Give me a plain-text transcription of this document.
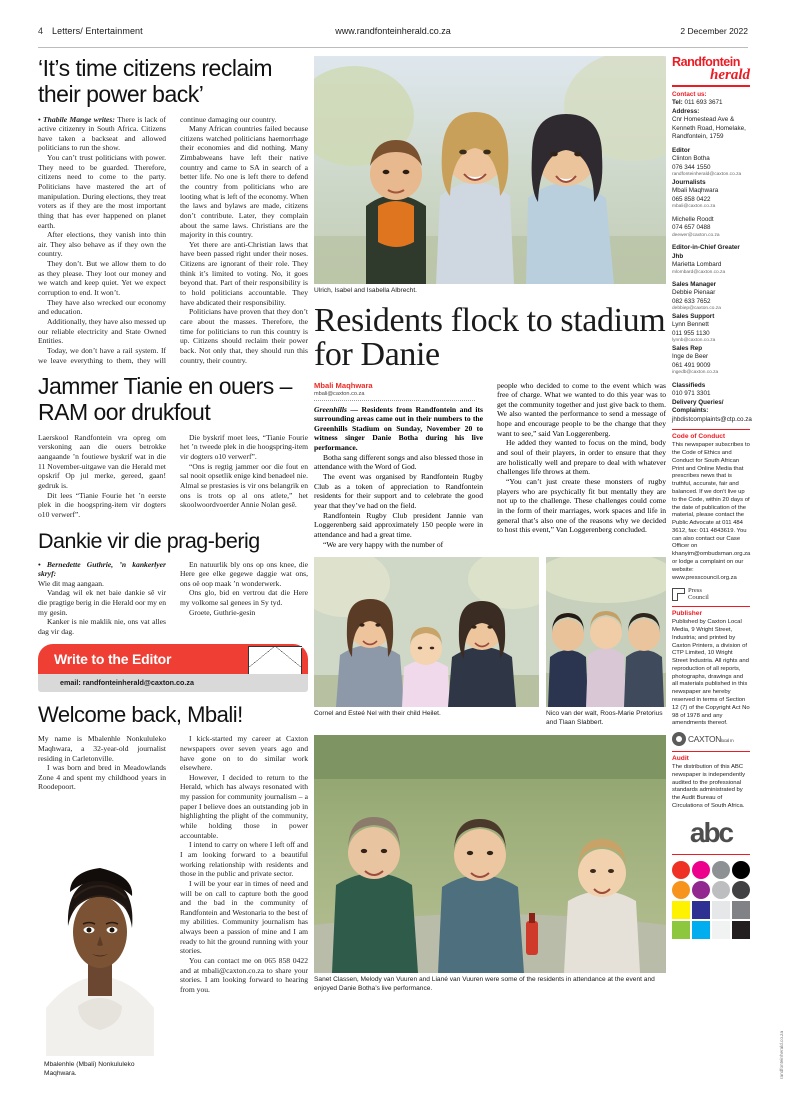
4 Letters/ Entertainment	www.randfonteinherald.co.za	2 December 2022
‘It’s time citizens reclaim their power back’

• Thabile Mange writes: There is lack of active citizenry in South Africa. Citizens have taken a backseat and allowed politicians to run the show.

You can’t trust politicians with power. They need to be guarded. Therefore, citizens need to come to the party. Politicians have mastered the art of manipulation. During elections, they treat voters as if they are the most important thing that has ever happened on planet earth.

After elections, they vanish into thin air. They also behave as if they own the country.

They don’t. But we allow them to do as they please. They loot our money and we watch and keep quiet. Yet we expect corruption to end. It won’t.

They have also wrecked our economy and education.

Additionally, they have also messed up our reliable electricity and State Owned Entities.

Today, we don’t have a rail system. If we leave everything to them, they will continue damaging our country.

Many African countries failed because citizens watched politicians haemorrhage their economies and did nothing. Many Zimbabweans have left their native country and came to SA in search of a better life. No one is left there to defend the country from politicians who are looting what is left of the economy. When the laws and bylaws are made, citizens don’t contribute. Later, they complain about the same laws. Christians are the majority in this country.

Yet there are anti-Christian laws that have been passed right under their noses. Citizens are ignorant of their role. They think it’s limited to voting. No, it goes beyond that. Part of their responsibility is to hold politicians accountable. They have abdicated their responsibility.

Politicians have proven that they don’t care about the masses. Therefore, the time for politicians to run this country is up. Citizens should reclaim their power back. Not only that, they should run this country, their country.

Jammer Tianie en ouers – RAM oor drukfout

Laerskool Randfontein vra opreg om verskoning aan die ouers betrokke aangaande ’n foutiewe byskrif wat in die 11 November-uitgawe van die Herald met opskrif Op jul merke, gereed, gaan! gedruk is.

Dit lees “Tianie Fourie het ’n eerste plek in die hoogspring-item vir dogters o10 verwerf”.

Die byskrif moet lees, “Tianie Fourie het ’n tweede plek in die hoogspring-item vir dogters o10 verwerf”.

“Ons is regtig jammer oor die fout en sal nooit opsetlik enige kind benadeel nie. Almal se prestasies is vir ons belangrik en ons is trots op al ons atlete,” het skoolwoordvoerder Annie Nolan gesê.

Dankie vir die prag-berig

• Bernedette Guthrie, ’n kankerlyer skryf:

Wie dit mag aangaan.

Vandag wil ek net baie dankie sê vir die pragtige berig in die Herald oor my en my gesin.

Kanker is nie maklik nie, ons vat alles dag vir dag.

En natuurlik bly ons op ons knee, die Here gee elke gegewe daggie wat ons, ons oë oop maak ’n wonderwerk.

Ons glo, bid en vertrou dat die Here my volkome sal genees in Sy tyd.

Groete, Guthrie-gesin

Write to the Editor
email: randfonteinherald@caxton.co.za
Welcome back, Mbali!

My name is Mbalenhle Nonkululeko Maqhwara, a 32-year-old journalist residing in Carletonville.

I was born and bred in Meadowlands Zone 4 and spent my childhood years in Roodepoort.

I kick-started my career at Caxton newspapers over seven years ago and have gone on to do similar work elsewhere.

However, I decided to return to the Herald, which has always resonated with my passion for community journalism – a paper I believe does an outstanding job in highlighting the plight of the community, while holding those in power accountable.

I intend to carry on where I left off and I am looking forward to a beautiful working relationship with residents and those in the public and private sector.

I will be your ear in times of need and will be on call to capture both the good and the bad in the community of Randfontein and Westonaria to the best of my abilities. Community journalism has always been a passion of mine and I am ready to hit the ground running with your stories.

You can contact me on 065 858 0422 and at mbali@caxton.co.za to share your stories. I am looking forward to hearing from you.

Mbalenhle (Mbali) Nonkululeko Maqhwara.
Ulrich, Isabel and Isabella Albrecht.
Residents flock to stadium for Danie
Mbali Maqhwara
mbali@caxton.co.za

Greenhills — Residents from Randfontein and its surrounding areas came out in their numbers to the Greenhills Stadium on Sunday, November 20 to witness singer Danie Botha during his live performance.

Botha sang different songs and also blessed those in attendance with the Word of God.

The event was organised by Randfontein Rugby Club as a token of appreciation to Randfontein residents for their support and to celebrate the good year that they’ve had on the field.

Randfontein Rugby Club president Jannie van Loggerenberg said approximately 150 people were in attendance and had a great time.

“We are very happy with the number of

people who decided to come to the event which was free of charge. What we wanted to do this year was to get the community together and just give back to them. We also wanted the performance to send a message of hope and encourage people to be the change that they want to see,” said Van Loggerenberg.

He added they wanted to focus on the mind, body and soul of their players, in order to ensure that they are holistically well and prepare to deal with whatever challenges life throws at them.

“You can’t just create these monsters of rugby players who are psychically fit but mentally they are not up to the challenge. These challenges could come in the form of their marriages, work spaces and life in general that’s also one of the reasons why we decided to host this event,” Van Loggerenberg concluded.

Cornel and Esteé Nel with their child Heilet.	Nico van der walt, Roos-Marie Pretorius and Tlaan Slabbert.
Sanet Classen, Melody van Vuuren and Liané van Vuuren were some of the residents in attendance at the event and enjoyed Danie Botha’s live performance.
Randfontein
herald
Contact us:
Tel: 011 693 3671
Address:
Cnr Homestead Ave & Kenneth Road, Homelake, Randfontein, 1759
Editor
Clinton Botha
076 344 1550
randfonteinherald@caxton.co.za
Journalists
Mbali Maqhwara
065 858 0422
mbali@caxton.co.za
Michelle Roodt
074 657 0488
deewer@caxton.co.za
Editor-in-Chief Greater Jhb
Marietta Lombard
mlombard@caxton.co.za
Sales Manager
Debbie Pienaar
082 633 7652
debbiep@caxton.co.za
Sales Support
Lynn Bennett
011 955 1130
lynnb@caxton.co.za
Sales Rep
Inge de Beer
061 491 9009
ingedb@caxton.co.za
Classifieds
010 971 3301
Delivery Queries/ Complaints:
jhbdistcomplaints@ctp.co.za
Code of Conduct
This newspaper subscribes to the Code of Ethics and Conduct for South African Print and Online Media that prescribes news that is truthful, accurate, fair and balanced. If we don’t live up to the Code, within 20 days of the date of publication of the material, please contact the Public Advocate at 011 484 3612, fax: 011 4843619. You can also contact our Case Officer on khanyim@ombudsman.org.za or lodge a complaint on our website: www.presscouncil.org.za
Press
Council
Publisher
Published by Caxton Local Media, 9 Wright Street, Industria; and printed by Caxton Printers, a division of CTP Limited, 10 Wright Street Industria. All rights and reproduction of all reports, photographs, drawings and all materials published in this newspaper are hereby reserved in terms of Section 12 (7) of the Copyright Act No 98 of 1978 and any amendments thereof.
CAXTONlocal m
Audit
The distribution of this ABC newspaper is independently audited to the professional standards administrated by the Audit Bureau of Circulations of South Africa.
abc
randfonteinherald.co.za
